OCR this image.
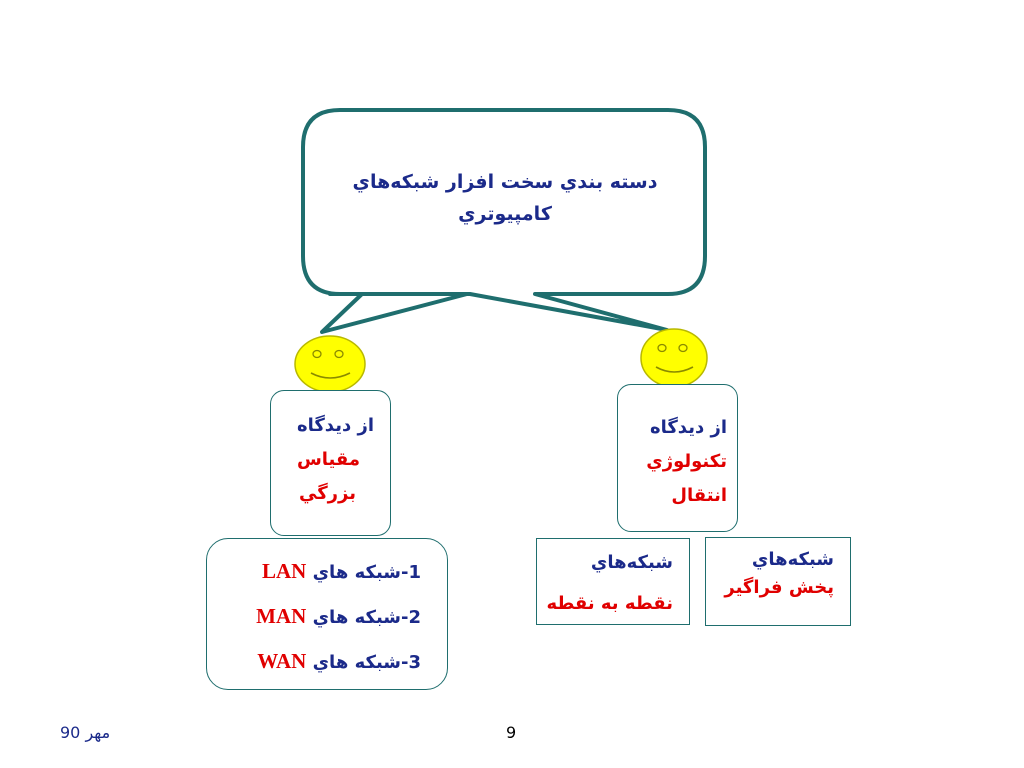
دسته بندي سخت افزار شبكه‌هاي
كامپيوتري
از ديدگاه
مقياس
بزرگي
از ديدگاه
تكنولوژي
انتقال
1-شبكه هاي LAN
2-شبكه هاي MAN
3-شبكه هاي WAN
شبكه‌هاي
نقطه به نقطه
شبكه‌هاي
پخش فراگير
مهر 90	9
